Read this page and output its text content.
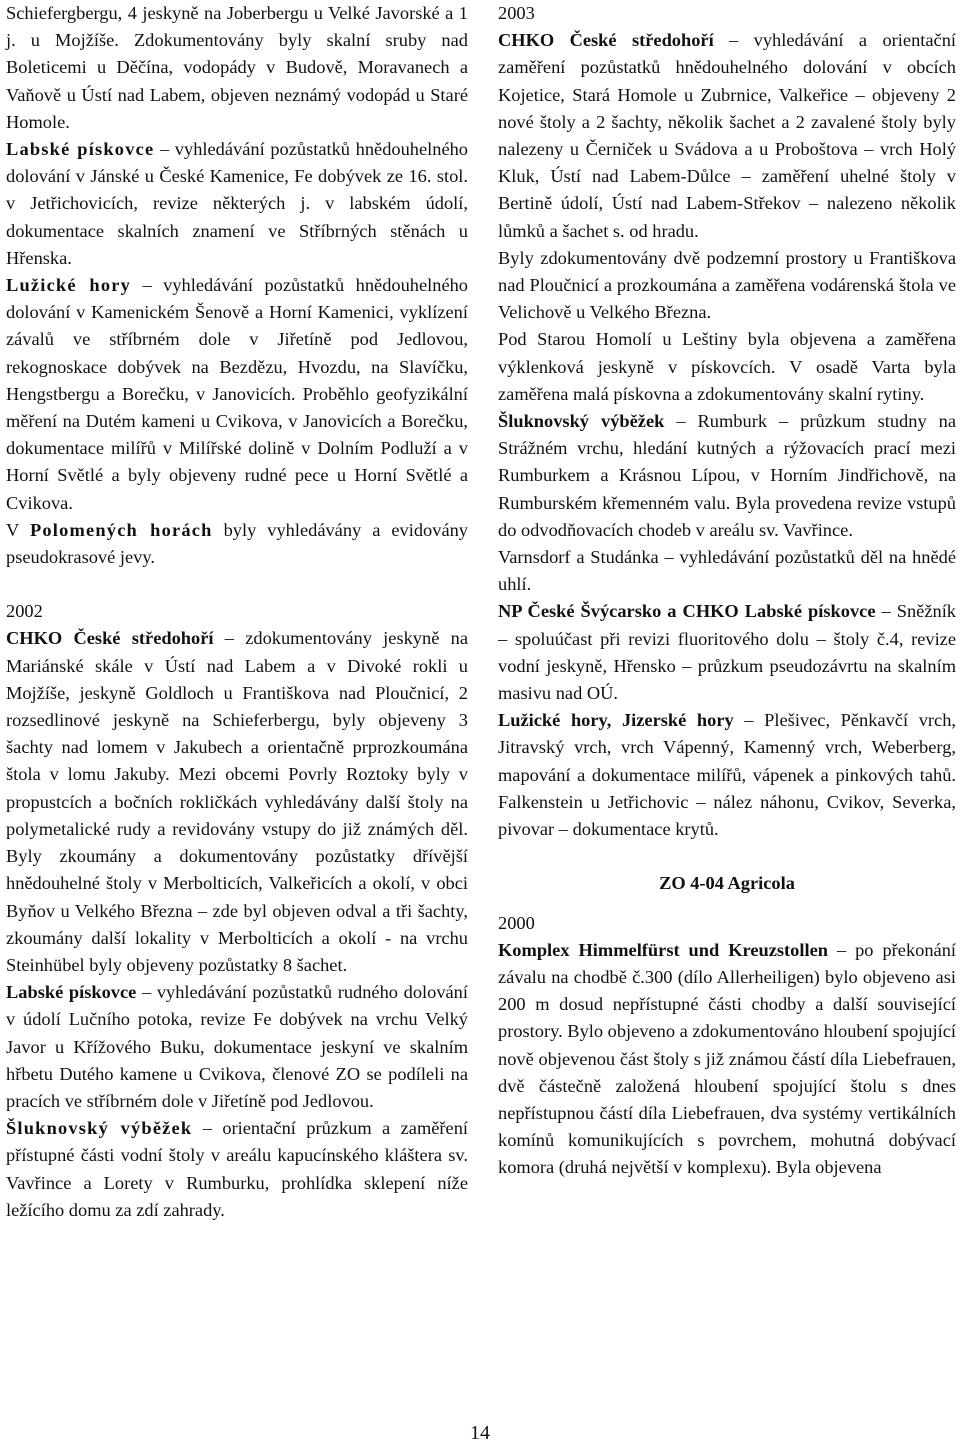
Schiefergbergu, 4 jeskyně na Joberbergu u Velké Javorské a 1 j. u Mojžíše. Zdokumentovány byly skalní sruby nad Boleticemi u Děčína, vodopády v Budově, Moravanech a Vaňově u Ústí nad Labem, objeven neznámý vodopád u Staré Homole.

Labské pískovce – vyhledávání pozůstatků hnědouhelného dolování v Jánské u České Kamenice, Fe dobývek ze 16. stol. v Jetřichovicích, revize některých j. v labském údolí, dokumentace skalních znamení ve Stříbrných stěnách u Hřenska.

Lužické hory – vyhledávání pozůstatků hnědouhelného dolování v Kamenickém Šenově a Horní Kamenici, vyklízení závalů ve stříbrném dole v Jiřetíně pod Jedlovou, rekognoskace dobývek na Bezdězu, Hvozdu, na Slavíčku, Hengstbergu a Borečku, v Janovicích. Proběhlo geofyzikální měření na Dutém kameni u Cvikova, v Janovicích a Borečku, dokumentace milířů v Milířské dolině v Dolním Podluží a v Horní Světlé a byly objeveny rudné pece u Horní Světlé a Cvikova.

V Polomených horách byly vyhledávány a evidovány pseudokrasové jevy.

2002

CHKO České středohoří – zdokumentovány jeskyně na Mariánské skále v Ústí nad Labem a v Divoké rokli u Mojžíše, jeskyně Goldloch u Františkova nad Ploučnicí, 2 rozsedlinové jeskyně na Schieferbergu, byly objeveny 3 šachty nad lomem v Jakubech a orientačně prprozkoumána štola v lomu Jakuby. Mezi obcemi Povrly Roztoky byly v propustcích a bočních rokličkách vyhledávány další štoly na polymetalické rudy a revidovány vstupy do již známých děl. Byly zkoumány a dokumentovány pozůstatky dřívější hnědouhelné štoly v Merbolticích, Valkeřicích a okolí, v obci Byňov u Velkého Března – zde byl objeven odval a tři šachty, zkoumány další lokality v Merbolticích a okolí - na vrchu Steinhübel byly objeveny pozůstatky 8 šachet.

Labské pískovce – vyhledávání pozůstatků rudného dolování v údolí Lučního potoka, revize Fe dobývek na vrchu Velký Javor u Křížového Buku, dokumentace jeskyní ve skalním hřbetu Dutého kamene u Cvikova, členové ZO se podíleli na pracích ve stříbrném dole v Jiřetíně pod Jedlovou.

Šluknovský výběžek – orientační průzkum a zaměření přístupné části vodní štoly v areálu kapucínského kláštera sv. Vavřince a Lorety v Rumburku, prohlídka sklepení níže ležícího domu za zdí zahrady.

2003

CHKO České středohoří – vyhledávání a orientační zaměření pozůstatků hnědouhelného dolování v obcích Kojetice, Stará Homole u Zubrnice, Valkeřice – objeveny 2 nové štoly a 2 šachty, několik šachet a 2 zavalené štoly byly nalezeny u Černiček u Svádova a u Proboštova – vrch Holý Kluk, Ústí nad Labem-Důlce – zaměření uhelné štoly v Bertině údolí, Ústí nad Labem-Střekov – nalezeno několik lůmků a šachet s. od hradu.

Byly zdokumentovány dvě podzemní prostory u Františkova nad Ploučnicí a prozkoumána a zaměřena vodárenská štola ve Velichově u Velkého Března.

Pod Starou Homolí u Leštiny byla objevena a zaměřena výklenková jeskyně v pískovcích. V osadě Varta byla zaměřena malá pískovna a zdokumentovány skalní rytiny.

Šluknovský výběžek – Rumburk – průzkum studny na Strážném vrchu, hledání kutných a rýžovacích prací mezi Rumburkem a Krásnou Lípou, v Horním Jindřichově, na Rumburském křemenném valu. Byla provedena revize vstupů do odvodňovacích chodeb v areálu sv. Vavřince.

Varnsdorf a Studánka – vyhledávání pozůstatků děl na hnědé uhlí.

NP České Švýcarsko a CHKO Labské pískovce – Sněžník – spoluúčast při revizi fluoritového dolu – štoly č.4, revize vodní jeskyně, Hřensko – průzkum pseudozávrtu na skalním masivu nad OÚ.

Lužické hory, Jizerské hory – Plešivec, Pěnkavčí vrch, Jitravský vrch, vrch Vápenný, Kamenný vrch, Weberberg, mapování a dokumentace milířů, vápenek a pinkových tahů. Falkenstein u Jetřichovic – nález náhonu, Cvikov, Severka, pivovar – dokumentace krytů.

ZO 4-04 Agricola

2000

Komplex Himmelfürst und Kreuzstollen – po překonání závalu na chodbě č.300 (dílo Allerheiligen) bylo objeveno asi 200 m dosud nepřístupné části chodby a další související prostory. Bylo objeveno a zdokumentováno hloubení spojující nově objevenou část štoly s již známou částí díla Liebefrauen, dvě částečně založená hloubení spojující štolu s dnes nepřístupnou částí díla Liebefrauen, dva systémy vertikálních komínů komunikujících s povrchem, mohutná dobývací komora (druhá největší v komplexu). Byla objevena

14
